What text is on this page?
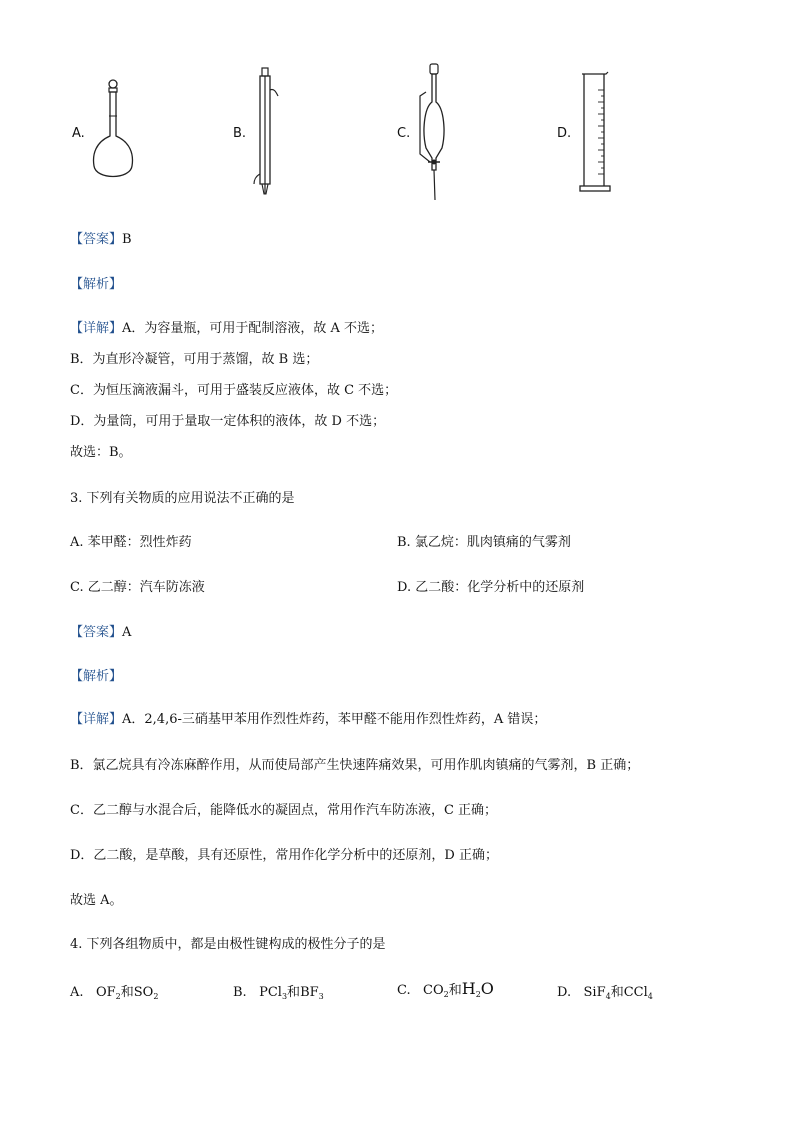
A.	B.	C.	D.
【答案】B
【解析】
【详解】A．为容量瓶，可用于配制溶液，故 A 不选；
B．为直形冷凝管，可用于蒸馏，故 B 选；
C．为恒压滴液漏斗，可用于盛装反应液体，故 C 不选；
D．为量筒，可用于量取一定体积的液体，故 D 不选；
故选：B。
3. 下列有关物质的应用说法不正确的是
A. 苯甲醛：烈性炸药	B. 氯乙烷：肌肉镇痛的气雾剂
C. 乙二醇：汽车防冻液	D. 乙二酸：化学分析中的还原剂
【答案】A
【解析】
【详解】A．2,4,6-三硝基甲苯用作烈性炸药，苯甲醛不能用作烈性炸药，A 错误；
B．氯乙烷具有冷冻麻醉作用，从而使局部产生快速阵痛效果，可用作肌肉镇痛的气雾剂，B 正确；
C．乙二醇与水混合后，能降低水的凝固点，常用作汽车防冻液，C 正确；
D．乙二酸，是草酸，具有还原性，常用作化学分析中的还原剂，D 正确；
故选 A。
4. 下列各组物质中，都是由极性键构成的极性分子的是
A. $OF_2$和$SO_2$	B. PCl$_3$和$BF_3$	C. $CO_2$和$H_2O$	D. SiF$_4$和CCl$_4$
